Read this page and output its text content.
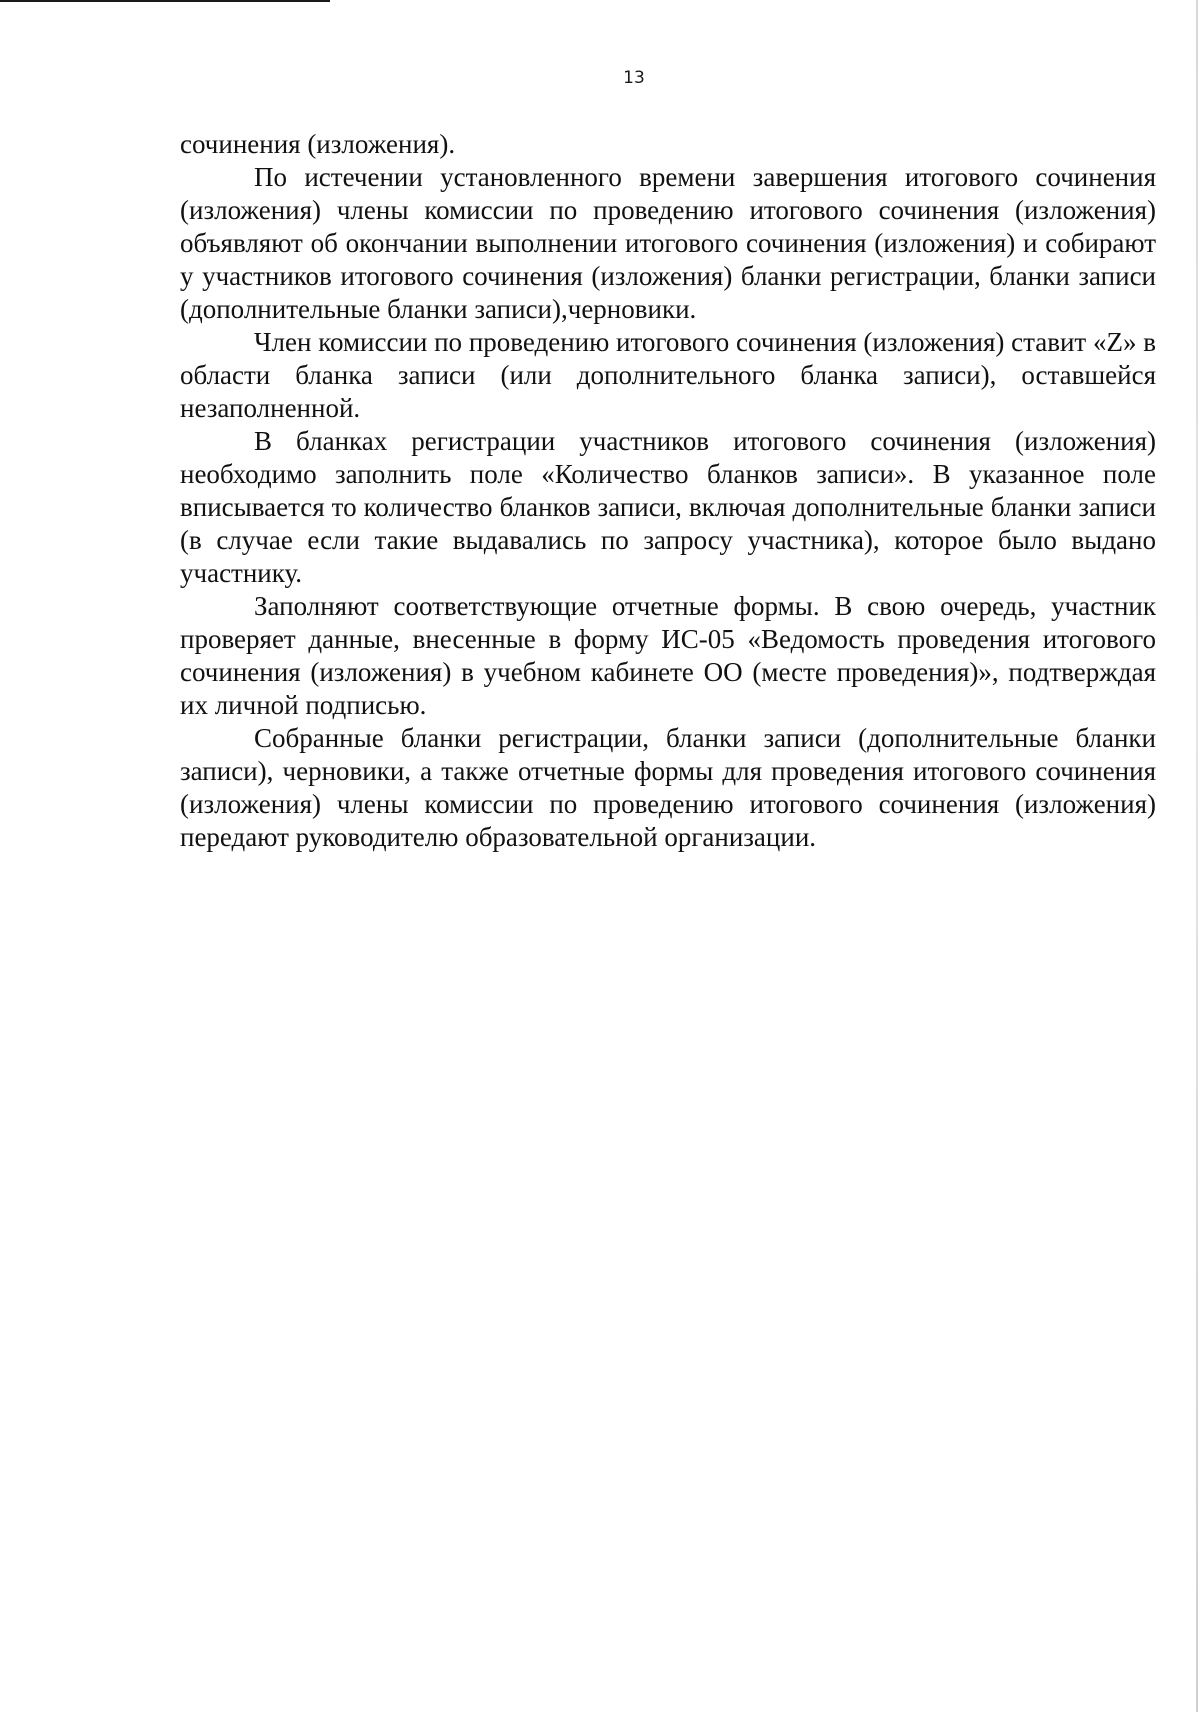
13

сочинения (изложения).

По истечении установленного времени завершения итогового сочинения (изложения) члены комиссии по проведению итогового сочинения (изложения) объявляют об окончании выполнении итогового сочинения (изложения) и собирают у участников итогового сочинения (изложения) бланки регистрации, бланки записи (дополнительные бланки записи),черновики.

Член комиссии по проведению итогового сочинения (изложения) ставит «Z» в области бланка записи (или дополнительного бланка записи), оставшейся незаполненной.

В бланках регистрации участников итогового сочинения (изложения) необходимо заполнить поле «Количество бланков записи». В указанное поле вписывается то количество бланков записи, включая дополнительные бланки записи (в случае если такие выдавались по запросу участника), которое было выдано участнику.

Заполняют соответствующие отчетные формы. В свою очередь, участник проверяет данные, внесенные в форму ИС-05 «Ведомость проведения итогового сочинения (изложения) в учебном кабинете ОО (месте проведения)», подтверждая их личной подписью.

Собранные бланки регистрации, бланки записи (дополнительные бланки записи), черновики, а также отчетные формы для проведения итогового сочинения (изложения) члены комиссии по проведению итогового сочинения (изложения) передают руководителю образовательной организации.
